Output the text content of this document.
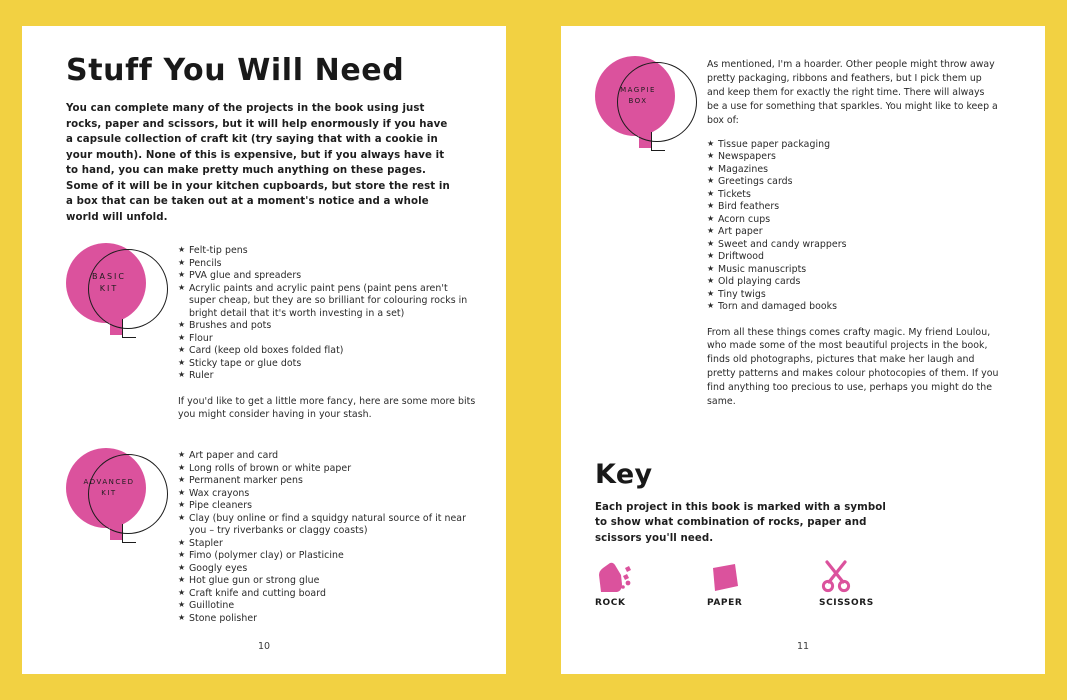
Stuff You Will Need

You can complete many of the projects in the book using just rocks, paper and scissors, but it will help enormously if you have a capsule collection of craft kit (try saying that with a cookie in your mouth). None of this is expensive, but if you always have it to hand, you can make pretty much anything on these pages. Some of it will be in your kitchen cupboards, but store the rest in a box that can be taken out at a moment's notice and a whole world will unfold.

BASIC
KIT
★ Felt-tip pens
★ Pencils
★ PVA glue and spreaders
★ Acrylic paints and acrylic paint pens (paint pens aren't super cheap, but they are so brilliant for colouring rocks in bright detail that it's worth investing in a set)
★ Brushes and pots
★ Flour
★ Card (keep old boxes folded flat)
★ Sticky tape or glue dots
★ Ruler

If you'd like to get a little more fancy, here are some more bits you might consider having in your stash.

ADVANCED
KIT
★ Art paper and card
★ Long rolls of brown or white paper
★ Permanent marker pens
★ Wax crayons
★ Pipe cleaners
★ Clay (buy online or find a squidgy natural source of it near you – try riverbanks or claggy coasts)
★ Stapler
★ Fimo (polymer clay) or Plasticine
★ Googly eyes
★ Hot glue gun or strong glue
★ Craft knife and cutting board
★ Guillotine
★ Stone polisher
10
MAGPIE
BOX

As mentioned, I'm a hoarder. Other people might throw away pretty packaging, ribbons and feathers, but I pick them up and keep them for exactly the right time. There will always be a use for something that sparkles. You might like to keep a box of:

★ Tissue paper packaging
★ Newspapers
★ Magazines
★ Greetings cards
★ Tickets
★ Bird feathers
★ Acorn cups
★ Art paper
★ Sweet and candy wrappers
★ Driftwood
★ Music manuscripts
★ Old playing cards
★ Tiny twigs
★ Torn and damaged books

From all these things comes crafty magic. My friend Loulou, who made some of the most beautiful projects in the book, finds old photographs, pictures that make her laugh and pretty patterns and makes colour photocopies of them. If you find anything too precious to use, perhaps you might do the same.

Key

Each project in this book is marked with a symbol to show what combination of rocks, paper and scissors you'll need.

ROCK	PAPER	SCISSORS
11
